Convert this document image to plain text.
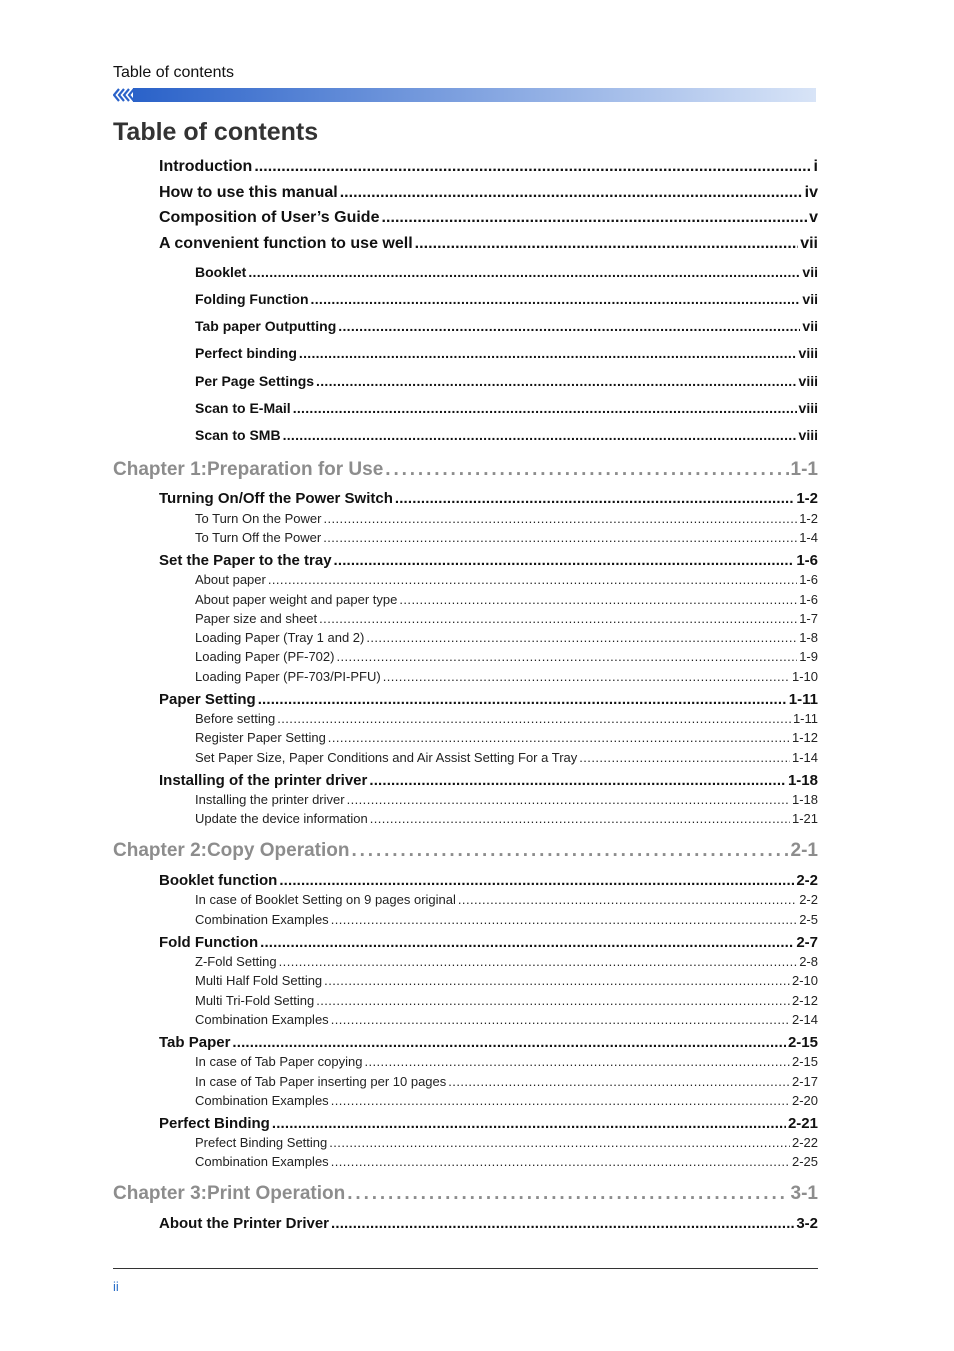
Table of contents
Table of contents
Introduction . . .	i
How to use this manual . . .	iv
Composition of User’s Guide . . .	v
A convenient function to use well . . .	vii
Booklet . . .	vii
Folding Function . . .	vii
Tab paper Outputting . . .	vii
Perfect binding . . .	viii
Per Page Settings . . .	viii
Scan to E-Mail . . .	viii
Scan to SMB . . .	viii
Chapter 1:Preparation for Use . . .	1-1
Turning On/Off the Power Switch . . .	1-2
To Turn On the Power . . .	1-2
To Turn Off the Power . . .	1-4
Set the Paper to the tray . . .	1-6
About paper . . .	1-6
About paper weight and paper type . . .	1-6
Paper size and sheet . . .	1-7
Loading Paper (Tray 1 and 2) . . .	1-8
Loading Paper (PF-702) . . .	1-9
Loading Paper (PF-703/PI-PFU) . . .	1-10
Paper Setting . . .	1-11
Before setting . . .	1-11
Register Paper Setting . . .	1-12
Set Paper Size, Paper Conditions and Air Assist Setting For a Tray . . .	1-14
Installing of the printer driver . . .	1-18
Installing the printer driver . . .	1-18
Update the device information . . .	1-21
Chapter 2:Copy Operation . . .	2-1
Booklet function . . .	2-2
In case of Booklet Setting on 9 pages original . . .	2-2
Combination Examples . . .	2-5
Fold Function . . .	2-7
Z-Fold Setting . . .	2-8
Multi Half Fold Setting . . .	2-10
Multi Tri-Fold Setting . . .	2-12
Combination Examples . . .	2-14
Tab Paper . . .	2-15
In case of Tab Paper copying . . .	2-15
In case of Tab Paper inserting per 10 pages . . .	2-17
Combination Examples . . .	2-20
Perfect Binding . . .	2-21
Prefect Binding Setting . . .	2-22
Combination Examples . . .	2-25
Chapter 3:Print Operation . . .	3-1
About the Printer Driver . . .	3-2
ii
